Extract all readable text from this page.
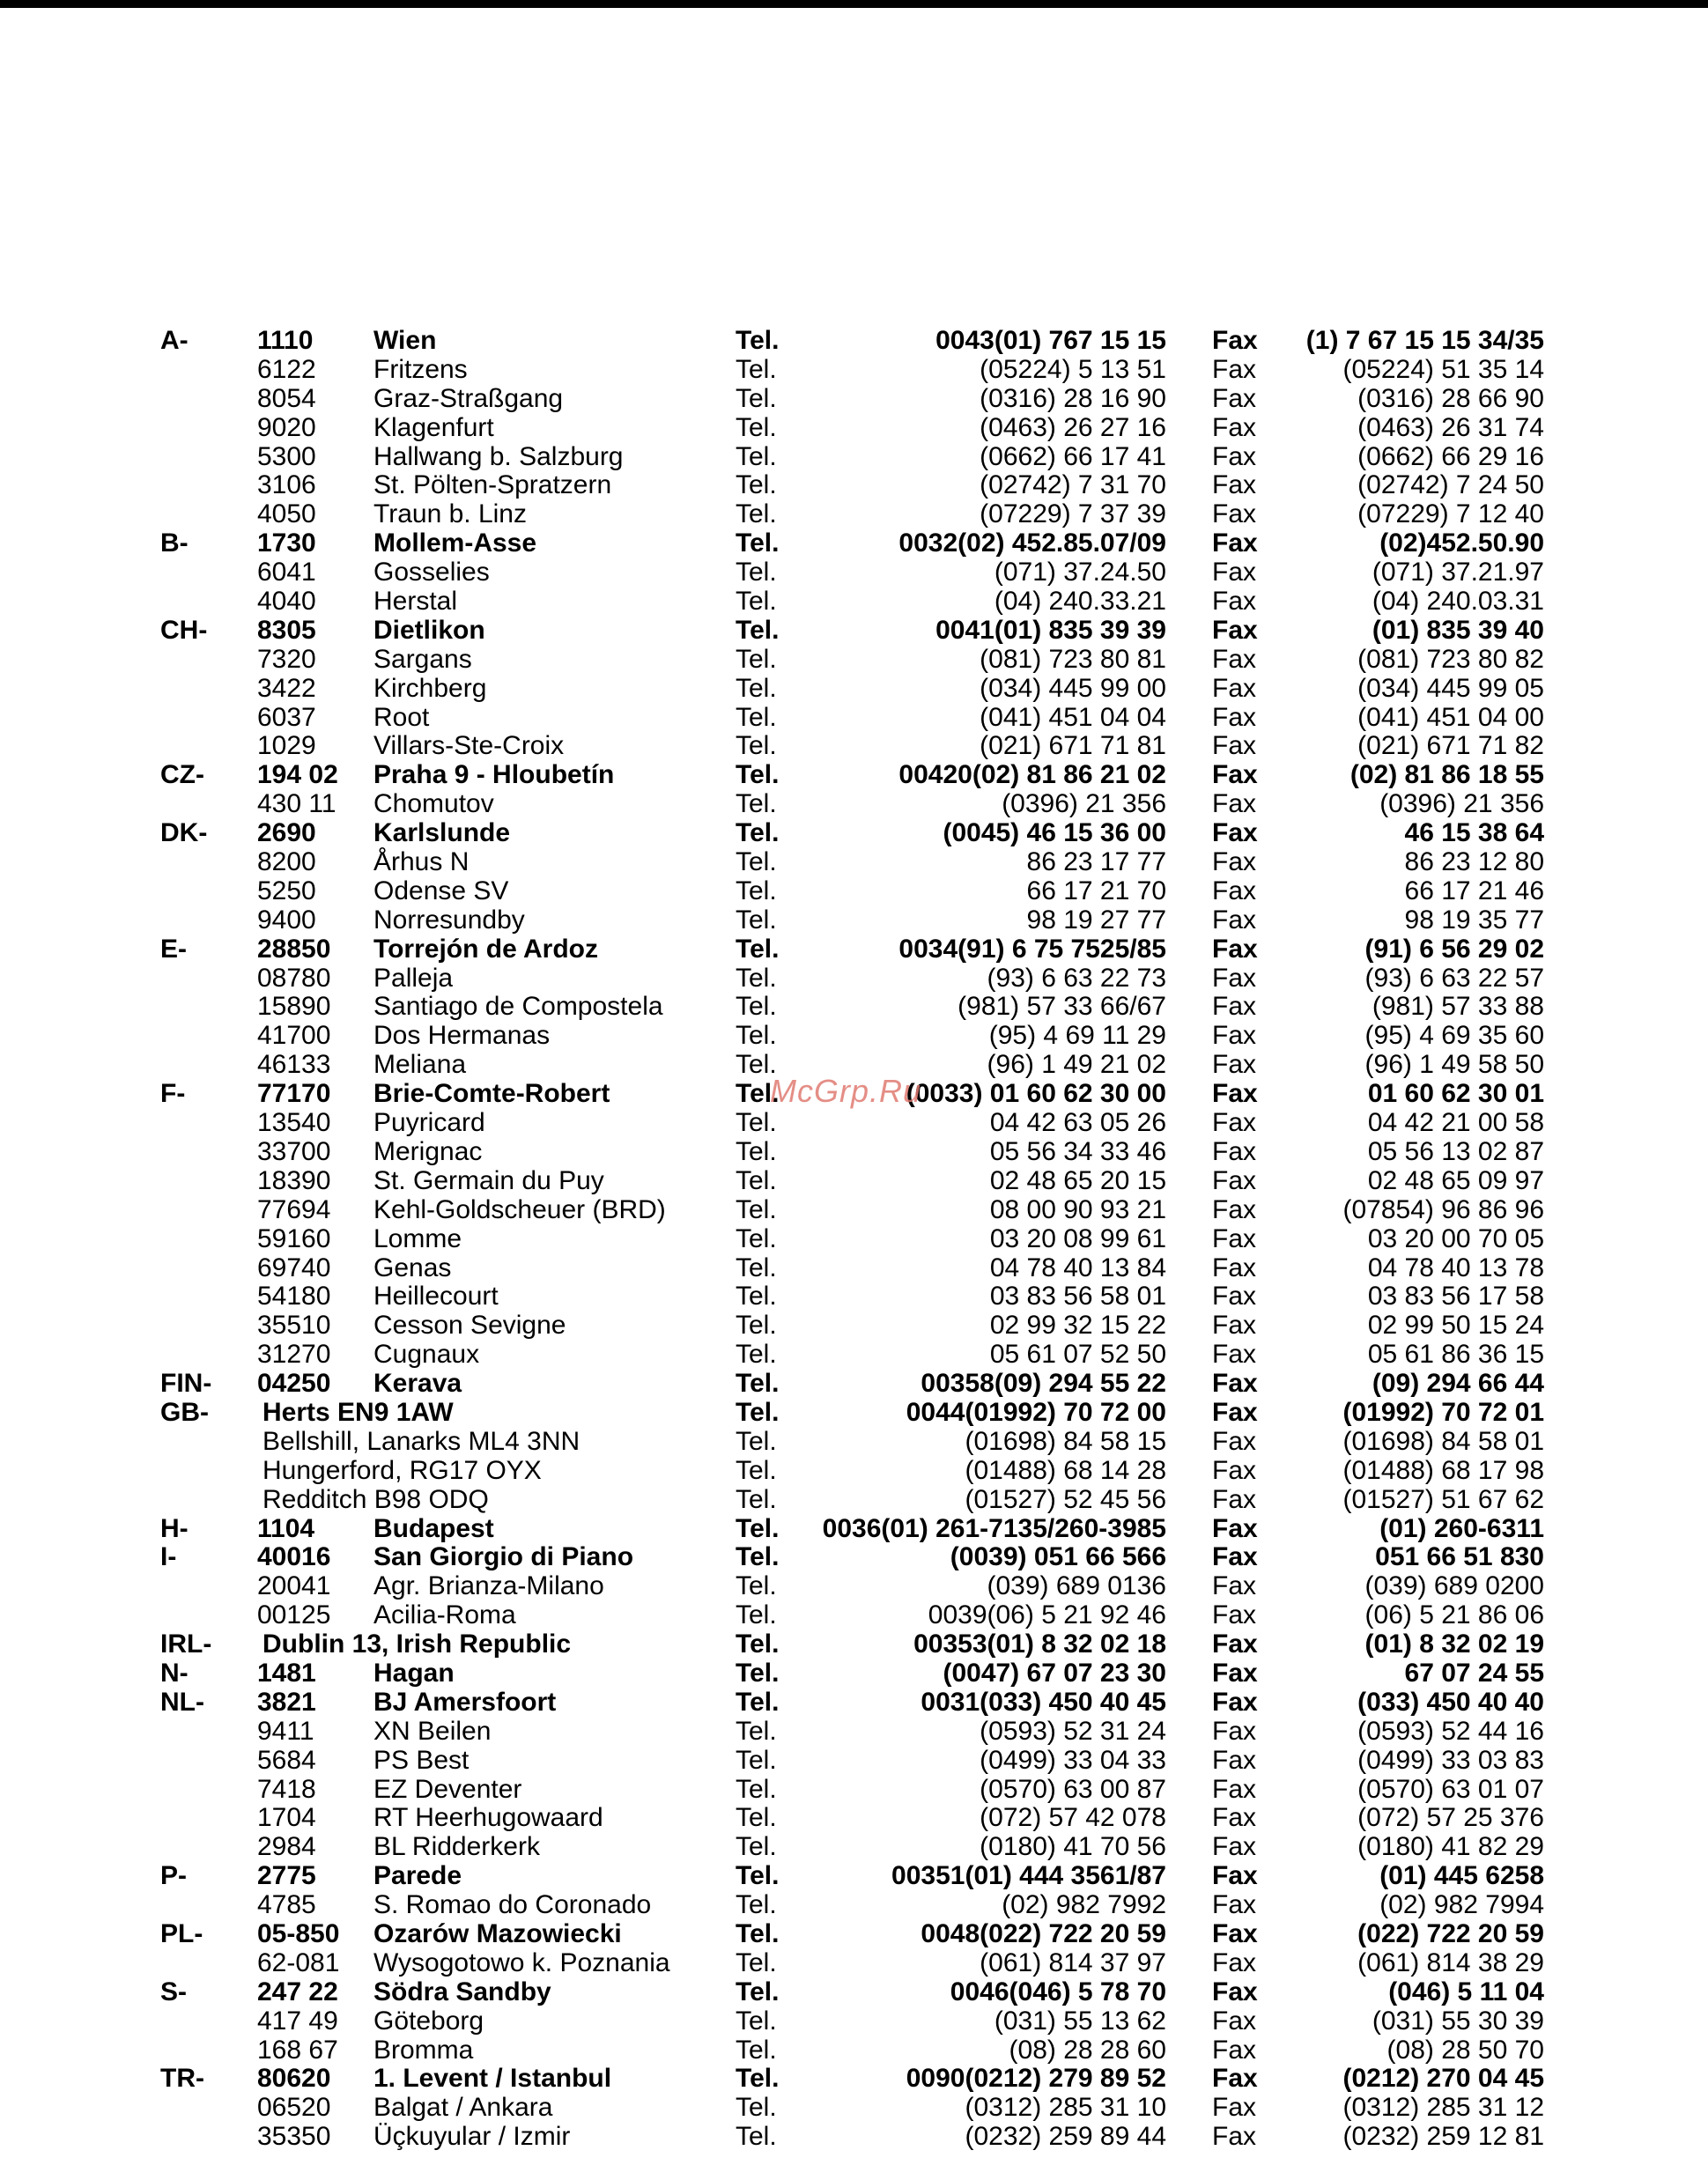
A-	1110 Wien	Tel.	0043(01) 767 15 15 Fax (1) 7 67 15 15 34/35
6122 Fritzens	Tel.	(05224) 5 13 51 Fax	(05224) 51 35 14
8054 Graz-Straßgang	Tel.	(0316) 28 16 90 Fax	(0316) 28 66 90
9020 Klagenfurt	Tel.	(0463) 26 27 16 Fax	(0463) 26 31 74
5300 Hallwang b. Salzburg	Tel.	(0662) 66 17 41 Fax	(0662) 66 29 16
3106 St. Pölten-Spratzern	Tel.	(02742) 7 31 70 Fax	(02742) 7 24 50
4050 Traun b. Linz	Tel.	(07229) 7 37 39 Fax	(07229) 7 12 40
B-	1730 Mollem-Asse	Tel.	0032(02) 452.85.07/09 Fax	(02)452.50.90
6041 Gosselies	Tel.	(071) 37.24.50 Fax	(071) 37.21.97
4040 Herstal	Tel.	(04) 240.33.21 Fax	(04) 240.03.31
CH-	8305 Dietlikon	Tel.	0041(01) 835 39 39 Fax	(01) 835 39 40
7320 Sargans	Tel.	(081) 723 80 81 Fax	(081) 723 80 82
3422 Kirchberg	Tel.	(034) 445 99 00 Fax	(034) 445 99 05
6037 Root	Tel.	(041) 451 04 04 Fax	(041) 451 04 00
1029 Villars-Ste-Croix	Tel.	(021) 671 71 81 Fax	(021) 671 71 82
CZ-	194 02 Praha 9 - Hloubetín	Tel.	00420(02) 81 86 21 02 Fax	(02) 81 86 18 55
430 11 Chomutov	Tel.	(0396) 21 356 Fax	(0396) 21 356
DK-	2690 Karlslunde	Tel.	(0045) 46 15 36 00 Fax	46 15 38 64
8200 Århus N	Tel.	86 23 17 77 Fax	86 23 12 80
5250 Odense SV	Tel.	66 17 21 70 Fax	66 17 21 46
9400 Norresundby	Tel.	98 19 27 77 Fax	98 19 35 77
E-	28850 Torrejón de Ardoz	Tel.	0034(91) 6 75 7525/85 Fax	(91) 6 56 29 02
08780 Palleja	Tel.	(93) 6 63 22 73 Fax	(93) 6 63 22 57
15890 Santiago de Compostela	Tel.	(981) 57 33 66/67 Fax	(981) 57 33 88
41700 Dos Hermanas	Tel.	(95) 4 69 11 29 Fax	(95) 4 69 35 60
46133 Meliana	Tel.	(96) 1 49 21 02 Fax	(96) 1 49 58 50
F-	77170 Brie-Comte-Robert	Tel.	(0033) 01 60 62 30 00 Fax	01 60 62 30 01
13540 Puyricard	Tel.	04 42 63 05 26 Fax	04 42 21 00 58
33700 Merignac	Tel.	05 56 34 33 46 Fax	05 56 13 02 87
18390 St. Germain du Puy	Tel.	02 48 65 20 15 Fax	02 48 65 09 97
77694 Kehl-Goldscheuer (BRD)	Tel.	08 00 90 93 21 Fax	(07854) 96 86 96
59160 Lomme	Tel.	03 20 08 99 61 Fax	03 20 00 70 05
69740 Genas	Tel.	04 78 40 13 84 Fax	04 78 40 13 78
54180 Heillecourt	Tel.	03 83 56 58 01 Fax	03 83 56 17 58
35510 Cesson Sevigne	Tel.	02 99 32 15 22 Fax	02 99 50 15 24
31270 Cugnaux	Tel.	05 61 07 52 50 Fax	05 61 86 36 15
FIN-	04250 Kerava	Tel.	00358(09) 294 55 22 Fax	(09) 294 66 44
GB-	Herts EN9 1AW	Tel.	0044(01992) 70 72 00 Fax	(01992) 70 72 01
Bellshill, Lanarks ML4 3NN	Tel.	(01698) 84 58 15 Fax	(01698) 84 58 01
Hungerford, RG17 OYX	Tel.	(01488) 68 14 28 Fax	(01488) 68 17 98
Redditch B98 ODQ	Tel.	(01527) 52 45 56 Fax	(01527) 51 67 62
H-	1104 Budapest	Tel. 0036(01) 261-7135/260-3985 Fax	(01) 260-6311
I-	40016 San Giorgio di Piano	Tel.	(0039) 051 66 566 Fax	051 66 51 830
20041 Agr. Brianza-Milano	Tel.	(039) 689 0136 Fax	(039) 689 0200
00125 Acilia-Roma	Tel.	0039(06) 5 21 92 46 Fax	(06) 5 21 86 06
IRL-	Dublin 13, Irish Republic	Tel.	00353(01) 8 32 02 18 Fax	(01) 8 32 02 19
N-	1481 Hagan	Tel.	(0047) 67 07 23 30 Fax	67 07 24 55
NL-	3821 BJ Amersfoort	Tel.	0031(033) 450 40 45 Fax	(033) 450 40 40
9411 XN Beilen	Tel.	(0593) 52 31 24 Fax	(0593) 52 44 16
5684 PS Best	Tel.	(0499) 33 04 33 Fax	(0499) 33 03 83
7418 EZ Deventer	Tel.	(0570) 63 00 87 Fax	(0570) 63 01 07
1704 RT Heerhugowaard	Tel.	(072) 57 42 078 Fax	(072) 57 25 376
2984 BL Ridderkerk	Tel.	(0180) 41 70 56 Fax	(0180) 41 82 29
P-	2775 Parede	Tel.	00351(01) 444 3561/87 Fax	(01) 445 6258
4785 S. Romao do Coronado	Tel.	(02) 982 7992 Fax	(02) 982 7994
PL-	05-850 Ozarów Mazowiecki	Tel.	0048(022) 722 20 59 Fax	(022) 722 20 59
62-081 Wysogotowo k. Poznania Tel.	(061) 814 37 97 Fax	(061) 814 38 29
S-	247 22 Södra Sandby	Tel.	0046(046) 5 78 70 Fax	(046) 5 11 04
417 49 Göteborg	Tel.	(031) 55 13 62 Fax	(031) 55 30 39
168 67 Bromma	Tel.	(08) 28 28 60 Fax	(08) 28 50 70
TR-	80620 1. Levent / Istanbul	Tel.	0090(0212) 279 89 52 Fax	(0212) 270 04 45
06520 Balgat / Ankara	Tel.	(0312) 285 31 10 Fax	(0312) 285 31 12
35350 Üçkuyular / Izmir	Tel.	(0232) 259 89 44 Fax	(0232) 259 12 81
McGrp.Ru
